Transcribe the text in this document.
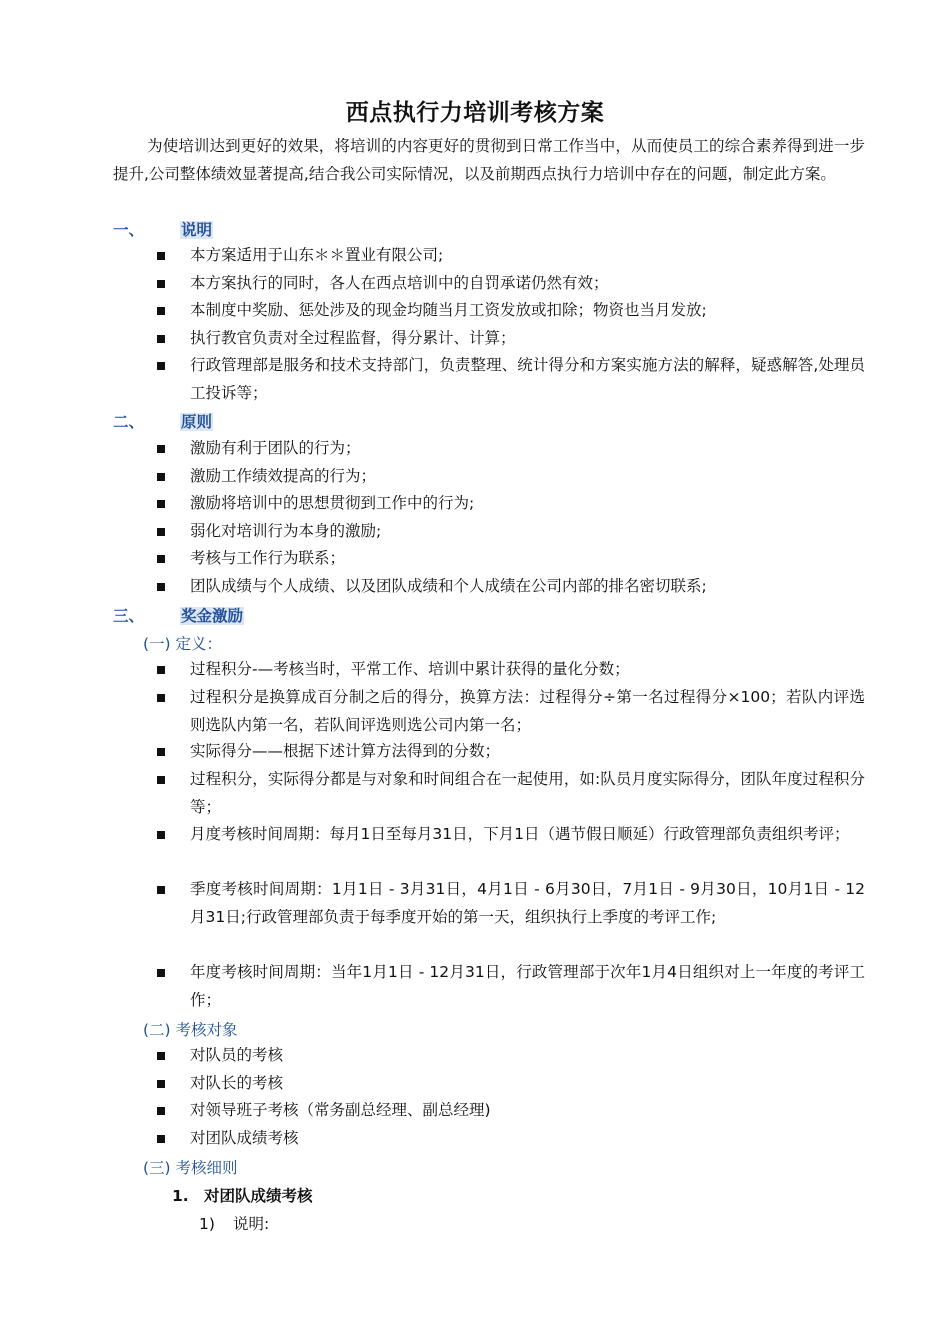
西点执行力培训考核方案
为使培训达到更好的效果，将培训的内容更好的贯彻到日常工作当中，从而使员工的综合素养得到进一步提升,公司整体绩效显著提高,结合我公司实际情况，以及前期西点执行力培训中存在的问题，制定此方案。
一、 说明
本方案适用于山东＊＊置业有限公司;
本方案执行的同时，各人在西点培训中的自罚承诺仍然有效；
本制度中奖励、惩处涉及的现金均随当月工资发放或扣除；物资也当月发放;
执行教官负责对全过程监督，得分累计、计算；
行政管理部是服务和技术支持部门，负责整理、统计得分和方案实施方法的解释，疑惑解答,处理员工投诉等；
二、 原则
激励有利于团队的行为；
激励工作绩效提高的行为；
激励将培训中的思想贯彻到工作中的行为;
弱化对培训行为本身的激励;
考核与工作行为联系；
团队成绩与个人成绩、以及团队成绩和个人成绩在公司内部的排名密切联系;
三、 奖金激励
(一) 定义：
过程积分-—考核当时，平常工作、培训中累计获得的量化分数；
过程积分是换算成百分制之后的得分，换算方法：过程得分÷第一名过程得分×100；若队内评选则选队内第一名，若队间评选则选公司内第一名；
实际得分——根据下述计算方法得到的分数；
过程积分，实际得分都是与对象和时间组合在一起使用，如:队员月度实际得分，团队年度过程积分等；
月度考核时间周期：每月1日至每月31日，下月1日（遇节假日顺延）行政管理部负责组织考评；
季度考核时间周期：1月1日 - 3月31日，4月1日 - 6月30日，7月1日 - 9月30日，10月1日 - 12月31日;行政管理部负责于每季度开始的第一天，组织执行上季度的考评工作;
年度考核时间周期：当年1月1日 - 12月31日，行政管理部于次年1月4日组织对上一年度的考评工作；
(二) 考核对象
对队员的考核
对队长的考核
对领导班子考核（常务副总经理、副总经理)
对团队成绩考核
(三) 考核细则
1. 对团队成绩考核
1) 说明:
